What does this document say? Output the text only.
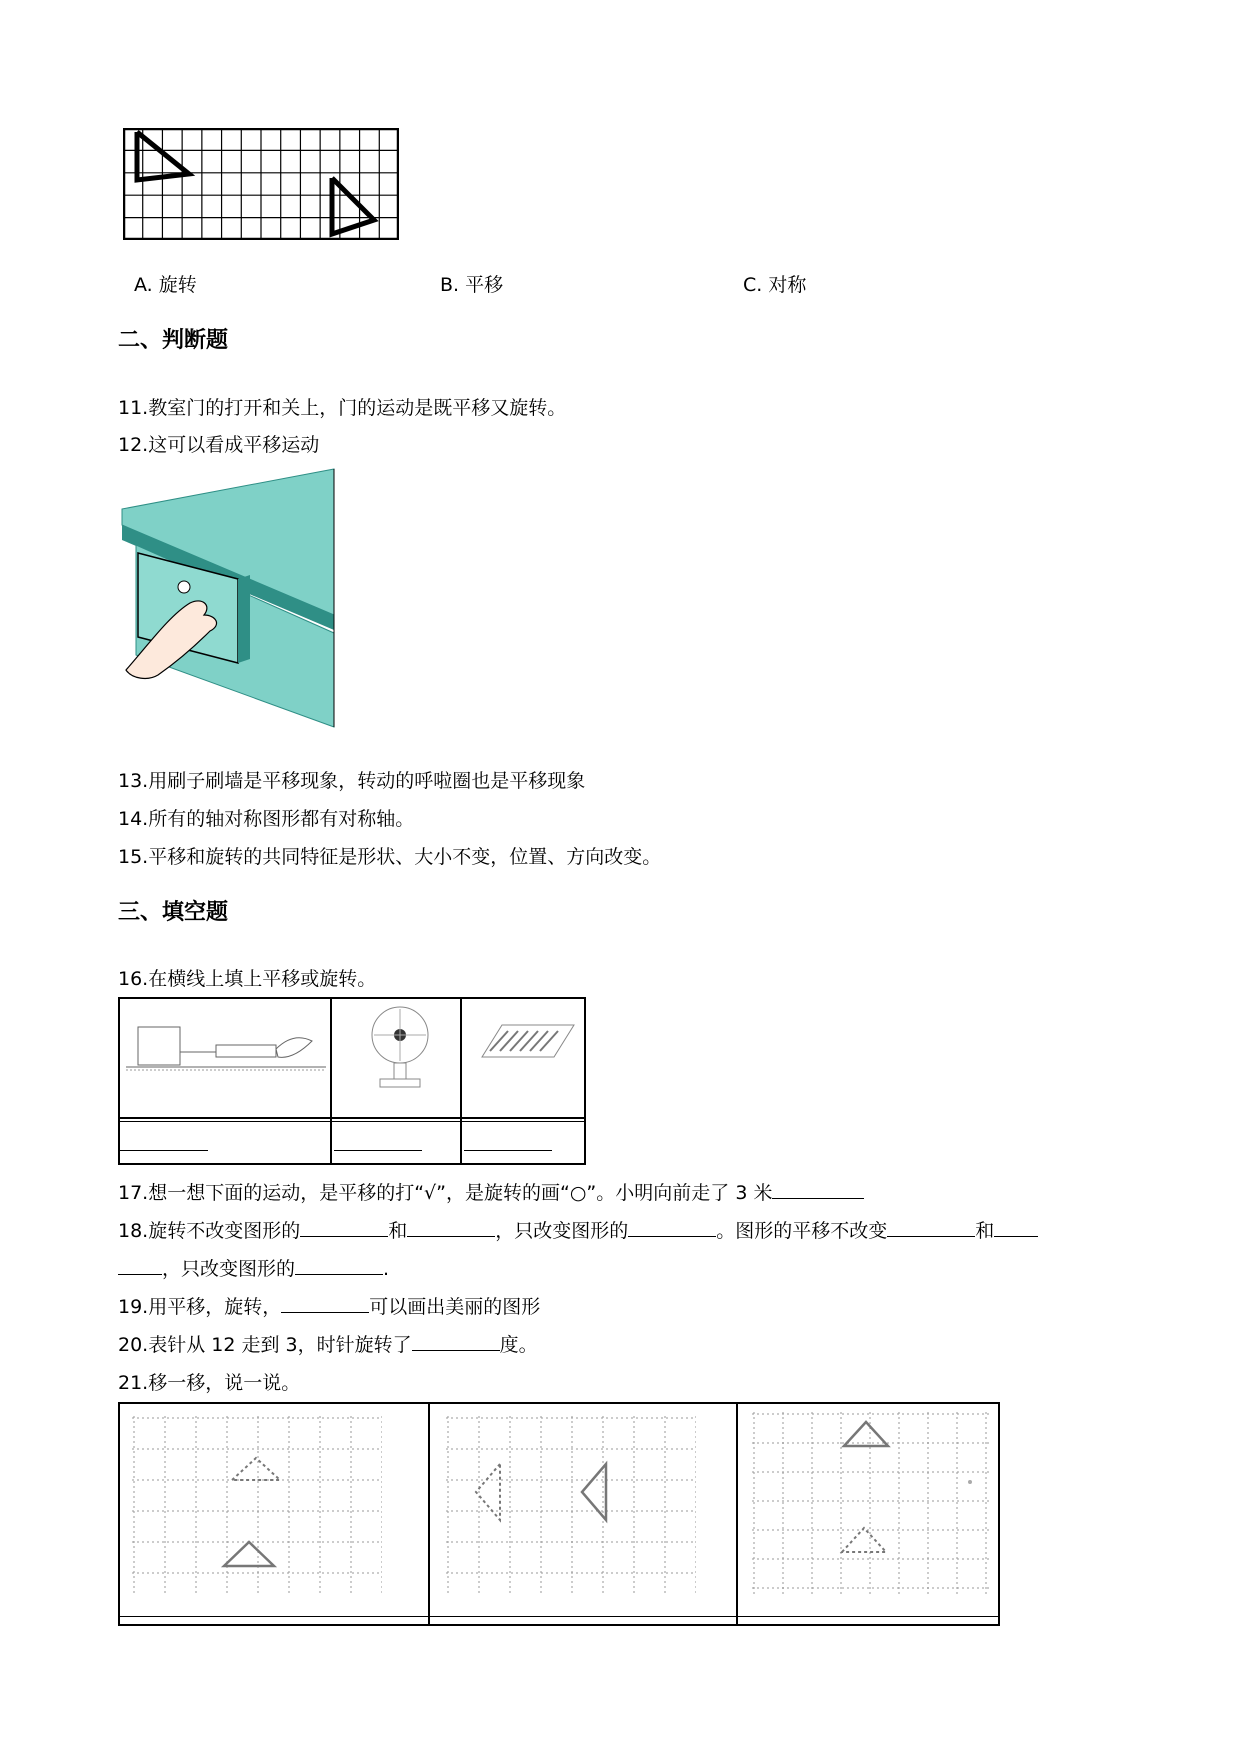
A. 旋转	B. 平移	C. 对称
二、判断题
11.教室门的打开和关上，门的运动是既平移又旋转。
12.这可以看成平移运动
13.用刷子刷墙是平移现象，转动的呼啦圈也是平移现象
14.所有的轴对称图形都有对称轴。
15.平移和旋转的共同特征是形状、大小不变，位置、方向改变。
三、填空题
16.在横线上填上平移或旋转。
17.想一想下面的运动，是平移的打“√”，是旋转的画“○”。小明向前走了 3 米
18.旋转不改变图形的	和	，只改变图形的	。图形的平移不改变	和
，只改变图形的	.
19.用平移，旋转，	可以画出美丽的图形
20.表针从 12 走到 3，时针旋转了	度。
21.移一移，说一说。
